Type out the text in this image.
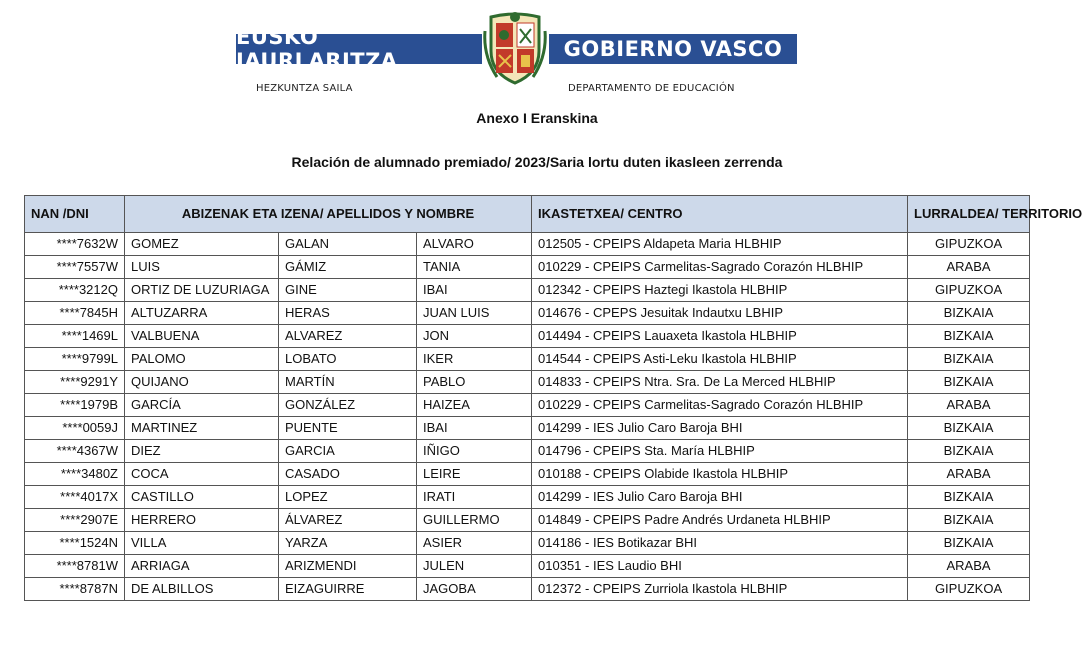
EUSKO JAURLARITZA	GOBIERNO VASCO
HEZKUNTZA SAILA	DEPARTAMENTO DE EDUCACIÓN
Anexo I Eranskina
Relación de alumnado premiado/ 2023/Saria lortu duten ikasleen zerrenda
NAN /DNI	ABIZENAK ETA IZENA/ APELLIDOS Y NOMBRE			IKASTETXEA/ CENTRO	LURRALDEA/ TERRITORIO
****7632W	GOMEZ	GALAN	ALVARO	012505 - CPEIPS Aldapeta Maria HLBHIP	GIPUZKOA
****7557W	LUIS	GÁMIZ	TANIA	010229 - CPEIPS Carmelitas-Sagrado Corazón HLBHIP	ARABA
****3212Q	ORTIZ DE LUZURIAGA	GINE	IBAI	012342 - CPEIPS Haztegi Ikastola HLBHIP	GIPUZKOA
****7845H	ALTUZARRA	HERAS	JUAN LUIS	014676 - CPEPS Jesuitak Indautxu LBHIP	BIZKAIA
****1469L	VALBUENA	ALVAREZ	JON	014494 - CPEIPS Lauaxeta Ikastola HLBHIP	BIZKAIA
****9799L	PALOMO	LOBATO	IKER	014544 - CPEIPS Asti-Leku Ikastola HLBHIP	BIZKAIA
****9291Y	QUIJANO	MARTÍN	PABLO	014833 - CPEIPS Ntra. Sra. De La Merced HLBHIP	BIZKAIA
****1979B	GARCÍA	GONZÁLEZ	HAIZEA	010229 - CPEIPS Carmelitas-Sagrado Corazón HLBHIP	ARABA
****0059J	MARTINEZ	PUENTE	IBAI	014299 - IES Julio Caro Baroja BHI	BIZKAIA
****4367W	DIEZ	GARCIA	IÑIGO	014796 - CPEIPS Sta. María HLBHIP	BIZKAIA
****3480Z	COCA	CASADO	LEIRE	010188 - CPEIPS Olabide Ikastola HLBHIP	ARABA
****4017X	CASTILLO	LOPEZ	IRATI	014299 - IES Julio Caro Baroja BHI	BIZKAIA
****2907E	HERRERO	ÁLVAREZ	GUILLERMO	014849 - CPEIPS Padre Andrés Urdaneta HLBHIP	BIZKAIA
****1524N	VILLA	YARZA	ASIER	014186 - IES Botikazar BHI	BIZKAIA
****8781W	ARRIAGA	ARIZMENDI	JULEN	010351 - IES Laudio BHI	ARABA
****8787N	DE ALBILLOS	EIZAGUIRRE	JAGOBA	012372 - CPEIPS Zurriola Ikastola HLBHIP	GIPUZKOA
